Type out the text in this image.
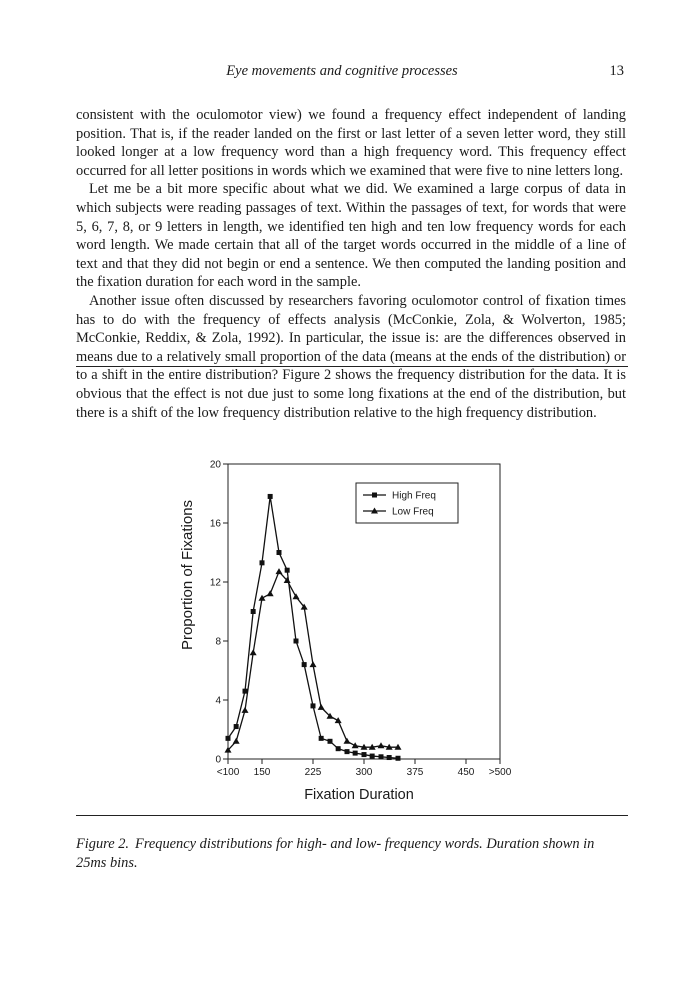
Eye movements and cognitive processes	13

consistent with the oculomotor view) we found a frequency effect independent of landing position. That is, if the reader landed on the first or last letter of a seven letter word, they still looked longer at a low frequency word than a high frequency word. This frequency effect occurred for all letter positions in words which we examined that were five to nine letters long.

Let me be a bit more specific about what we did. We examined a large corpus of data in which subjects were reading passages of text. Within the passages of text, for words that were 5, 6, 7, 8, or 9 letters in length, we identified ten high and ten low frequency words for each word length. We made certain that all of the target words occurred in the middle of a line of text and that they did not begin or end a sentence. We then computed the landing position and the fixation duration for each word in the sample.

Another issue often discussed by researchers favoring oculomotor control of fixation times has to do with the frequency of effects analysis (McConkie, Zola, & Wolverton, 1985; McConkie, Reddix, & Zola, 1992). In particular, the issue is: are the differences observed in means due to a relatively small proportion of the data (means at the ends of the distribution) or to a shift in the entire distribution? Figure 2 shows the frequency distribution for the data. It is obvious that the effect is not due just to some long fixations at the end of the distribution, but there is a shift of the low frequency distribution relative to the high frequency distribution.

0
4
8
12
16
20
<100 150	225	300	375	450 >500
High Freq
Low Freq
Proportion of Fixations
Fixation Duration
Figure 2. Frequency distributions for high- and low- frequency words. Duration shown in 25ms bins.
